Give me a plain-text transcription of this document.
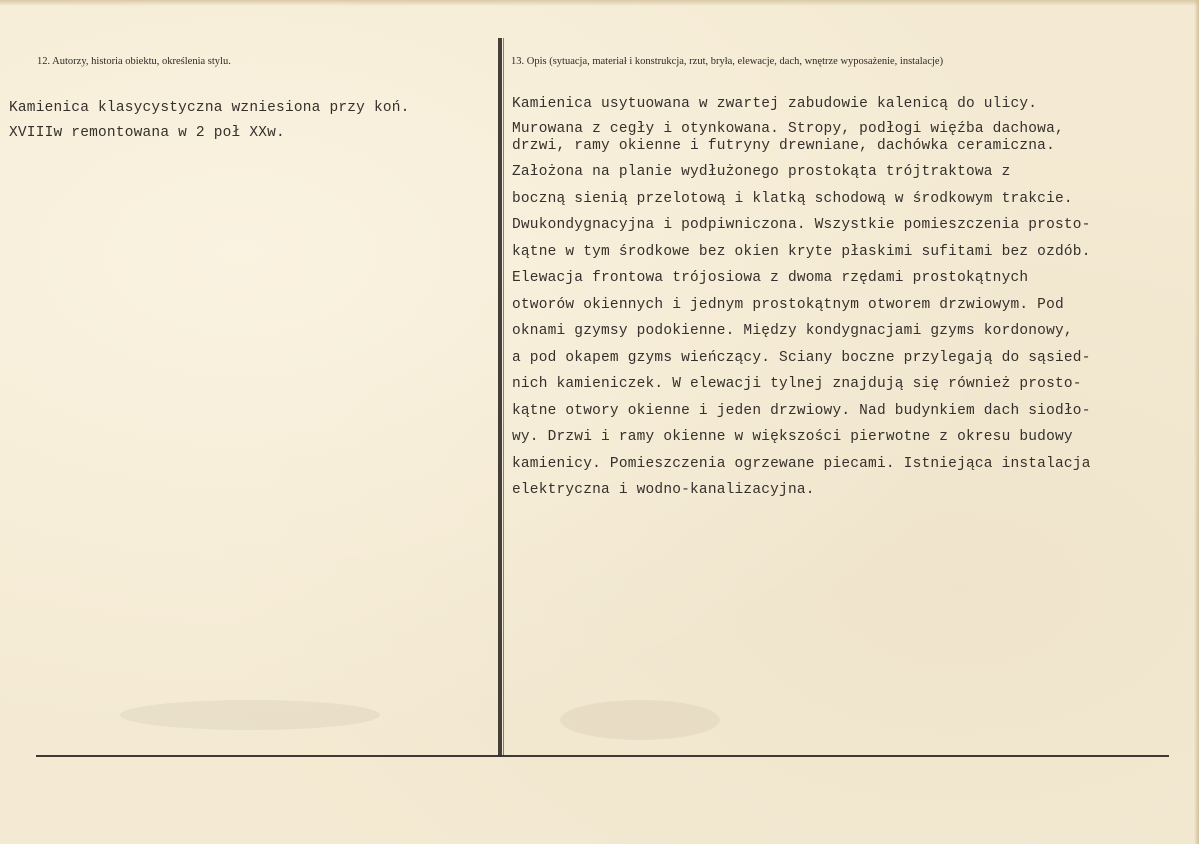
12. Autorzy, historia obiektu, określenia stylu.
Kamienica klasycystyczna wzniesiona przy koń.
XVIIIw remontowana w 2 poł XXw.
13. Opis (sytuacja, materiał i konstrukcja, rzut, bryła, elewacje, dach, wnętrze wyposażenie, instalacje)
Kamienica usytuowana w zwartej zabudowie kalenicą do ulicy.
Murowana z cegły i otynkowana. Stropy, podłogi więźba dachowa,
drzwi, ramy okienne i futryny drewniane, dachówka ceramiczna.
Założona na planie wydłużonego prostokąta trójtraktowa z
boczną sienią przelotową i klatką schodową w środkowym trakcie.
Dwukondygnacyjna i podpiwniczona. Wszystkie pomieszczenia prosto-
kątne w tym środkowe bez okien kryte płaskimi sufitami bez ozdób.
Elewacja frontowa trójosiowa z dwoma rzędami prostokątnych
otworów okiennych i jednym prostokątnym otworem drzwiowym. Pod
oknami gzymsy podokienne. Między kondygnacjami gzyms kordonowy,
a pod okapem gzyms wieńczący. Sciany boczne przylegają do sąsied-
nich kamieniczek. W elewacji tylnej znajdują się również prosto-
kątne otwory okienne i jeden drzwiowy. Nad budynkiem dach siodło-
wy. Drzwi i ramy okienne w większości pierwotne z okresu budowy
kamienicy. Pomieszczenia ogrzewane piecami. Istniejąca instalacja
elektryczna i wodno-kanalizacyjna.
